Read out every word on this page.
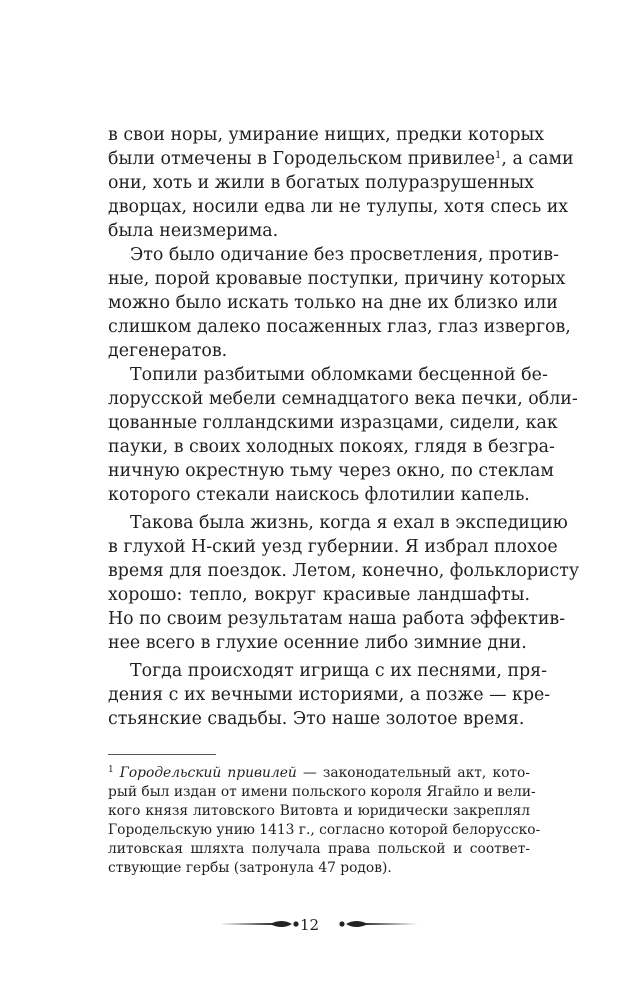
в свои норы, умирание нищих, предки которых
были отмечены в Городельском привилее$^1$, а сами
они, хоть и жили в богатых полуразрушенных
дворцах, носили едва ли не тулупы, хотя спесь их
была неизмерима.
Это было одичание без просветления, против-
ные, порой кровавые поступки, причину которых
можно было искать только на дне их близко или
слишком далеко посаженных глаз, глаз извергов,
дегенератов.
Топили разбитыми обломками бесценной бе-
лорусской мебели семнадцатого века печки, обли-
цованные голландскими изразцами, сидели, как
пауки, в своих холодных покоях, глядя в безгра-
ничную окрестную тьму через окно, по стеклам
которого стекали наискось флотилии капель.
Такова была жизнь, когда я ехал в экспедицию
в глухой Н-ский уезд губернии. Я избрал плохое
время для поездок. Летом, конечно, фольклористу
хорошо: тепло, вокруг красивые ландшафты.
Но по своим результатам наша работа эффектив-
нее всего в глухие осенние либо зимние дни.
Тогда происходят игрища с их песнями, пря-
дения с их вечными историями, а позже — кре-
стьянские свадьбы. Это наше золотое время.
$^1$ Городельский привилей — законодательный акт, кото-
рый был издан от имени польского короля Ягайло и вели-
кого князя литовского Витовта и юридически закреплял
Городельскую унию 1413 г., согласно которой белорусско-
литовская шляхта получала права польской и соответ-
ствующие гербы (затронула 47 родов).
12
